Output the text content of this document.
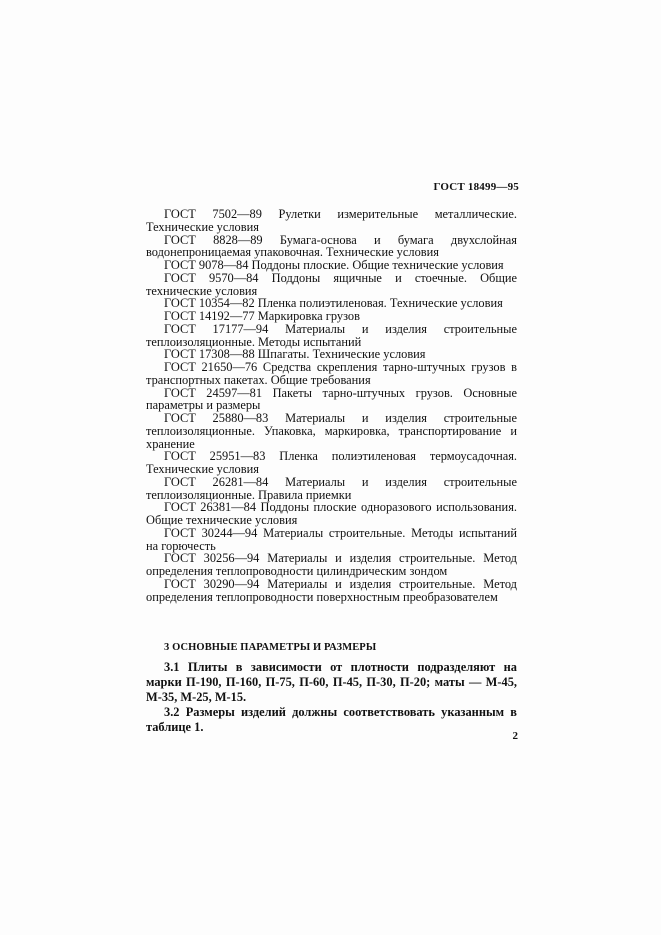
ГОСТ 18499—95

ГОСТ 7502—89 Рулетки измерительные металлические. Технические условия

ГОСТ 8828—89 Бумага-основа и бумага двухслойная водонепроницаемая упаковочная. Технические условия

ГОСТ 9078—84 Поддоны плоские. Общие технические условия

ГОСТ 9570—84 Поддоны ящичные и стоечные. Общие технические условия

ГОСТ 10354—82 Пленка полиэтиленовая. Технические условия

ГОСТ 14192—77 Маркировка грузов

ГОСТ 17177—94 Материалы и изделия строительные теплоизоляционные. Методы испытаний

ГОСТ 17308—88 Шпагаты. Технические условия

ГОСТ 21650—76 Средства скрепления тарно-штучных грузов в транспортных пакетах. Общие требования

ГОСТ 24597—81 Пакеты тарно-штучных грузов. Основные параметры и размеры

ГОСТ 25880—83 Материалы и изделия строительные теплоизоляционные. Упаковка, маркировка, транспортирование и хранение

ГОСТ 25951—83 Пленка полиэтиленовая термоусадочная. Технические условия

ГОСТ 26281—84 Материалы и изделия строительные теплоизоляционные. Правила приемки

ГОСТ 26381—84 Поддоны плоские одноразового использования. Общие технические условия

ГОСТ 30244—94 Материалы строительные. Методы испытаний на горючесть

ГОСТ 30256—94 Материалы и изделия строительные. Метод определения теплопроводности цилиндрическим зондом

ГОСТ 30290—94 Материалы и изделия строительные. Метод определения теплопроводности поверхностным преобразователем

3 ОСНОВНЫЕ ПАРАМЕТРЫ И РАЗМЕРЫ

3.1 Плиты в зависимости от плотности подразделяют на марки П-190, П-160, П-75, П-60, П-45, П-30, П-20; маты — М-45, М-35, М-25, М-15.

3.2 Размеры изделий должны соответствовать указанным в таблице 1.

2
